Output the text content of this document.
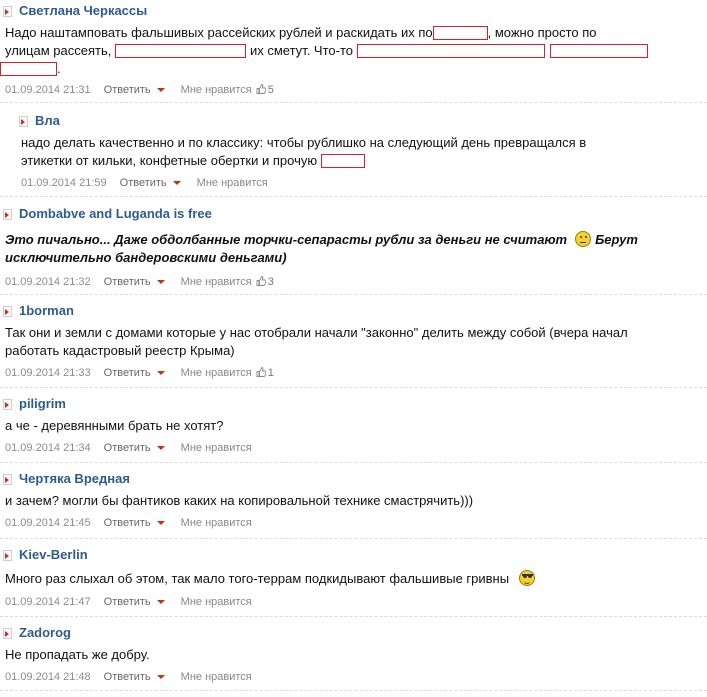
Светлана Черкассы
Надо наштамповать фальшивых рассейских рублей и раскидать их по	, можно просто по
улицам рассеять,	их сметут. Что-то
.
01.09.2014 21:31 Ответить	Мне нравится 5
Вла
надо делать качественно и по классику: чтобы рублишко на следующий день превращался в
этикетки от кильки, конфетные обертки и прочую
01.09.2014 21:59 Ответить	Мне нравится
Dombabve and Luganda is free
Это пичально... Даже обдолбанные торчки-сепарасты рубли за деньги не считают Берут
исключительно бандеровскими деньгами)
01.09.2014 21:32 Ответить	Мне нравится 3
1borman
Так они и земли с домами которые у нас отобрали начали "законно" делить между собой (вчера начал
работать кадастровый реестр Крыма)
01.09.2014 21:33 Ответить	Мне нравится 1
piligrim
а че - деревянными брать не хотят?
01.09.2014 21:34 Ответить	Мне нравится
Чертяка Вредная
и зачем? могли бы фантиков каких на копировальной технике смастрячить)))
01.09.2014 21:45 Ответить	Мне нравится
Kiev-Berlin
Много раз слыхал об этом, так мало того-террам подкидывают фальшивые гривны
01.09.2014 21:47 Ответить	Мне нравится
Zadorog
Не пропадать же добру.
01.09.2014 21:48 Ответить	Мне нравится
